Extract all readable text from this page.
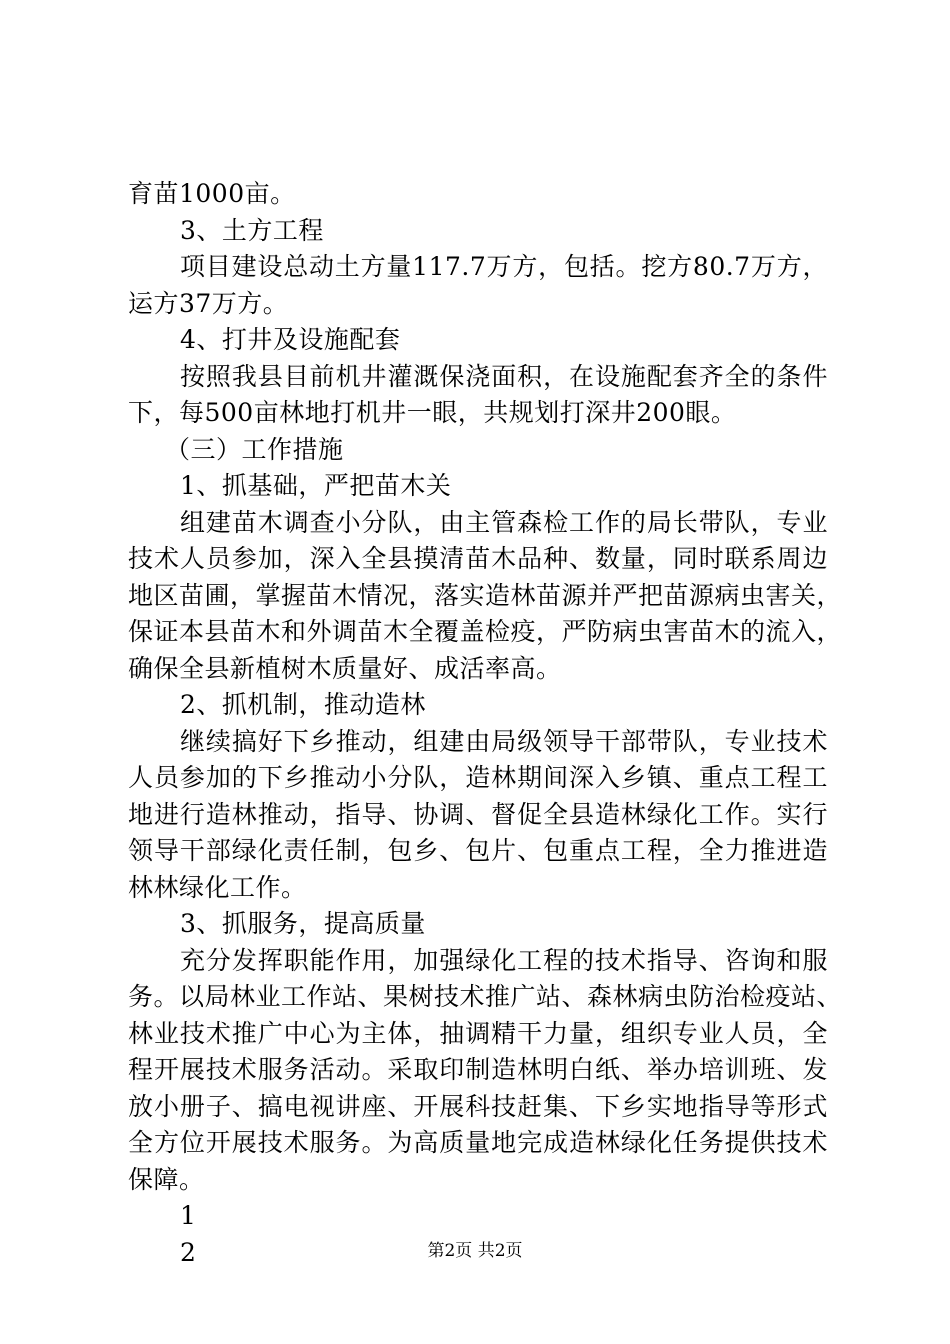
育苗1000亩。
3、土方工程
项目建设总动土方量117.7万方，包括。挖方80.7万方，
运方37万方。
4、打井及设施配套
按照我县目前机井灌溉保浇面积，在设施配套齐全的条件
下，每500亩林地打机井一眼，共规划打深井200眼。
（三）工作措施
1、抓基础，严把苗木关
组建苗木调查小分队，由主管森检工作的局长带队，专业
技术人员参加，深入全县摸清苗木品种、数量，同时联系周边
地区苗圃，掌握苗木情况，落实造林苗源并严把苗源病虫害关，
保证本县苗木和外调苗木全覆盖检疫，严防病虫害苗木的流入，
确保全县新植树木质量好、成活率高。
2、抓机制，推动造林
继续搞好下乡推动，组建由局级领导干部带队，专业技术
人员参加的下乡推动小分队，造林期间深入乡镇、重点工程工
地进行造林推动，指导、协调、督促全县造林绿化工作。实行
领导干部绿化责任制，包乡、包片、包重点工程，全力推进造
林林绿化工作。
3、抓服务，提高质量
充分发挥职能作用，加强绿化工程的技术指导、咨询和服
务。以局林业工作站、果树技术推广站、森林病虫防治检疫站、
林业技术推广中心为主体，抽调精干力量，组织专业人员，全
程开展技术服务活动。采取印制造林明白纸、举办培训班、发
放小册子、搞电视讲座、开展科技赶集、下乡实地指导等形式
全方位开展技术服务。为高质量地完成造林绿化任务提供技术
保障。
1
2	第2页 共2页
